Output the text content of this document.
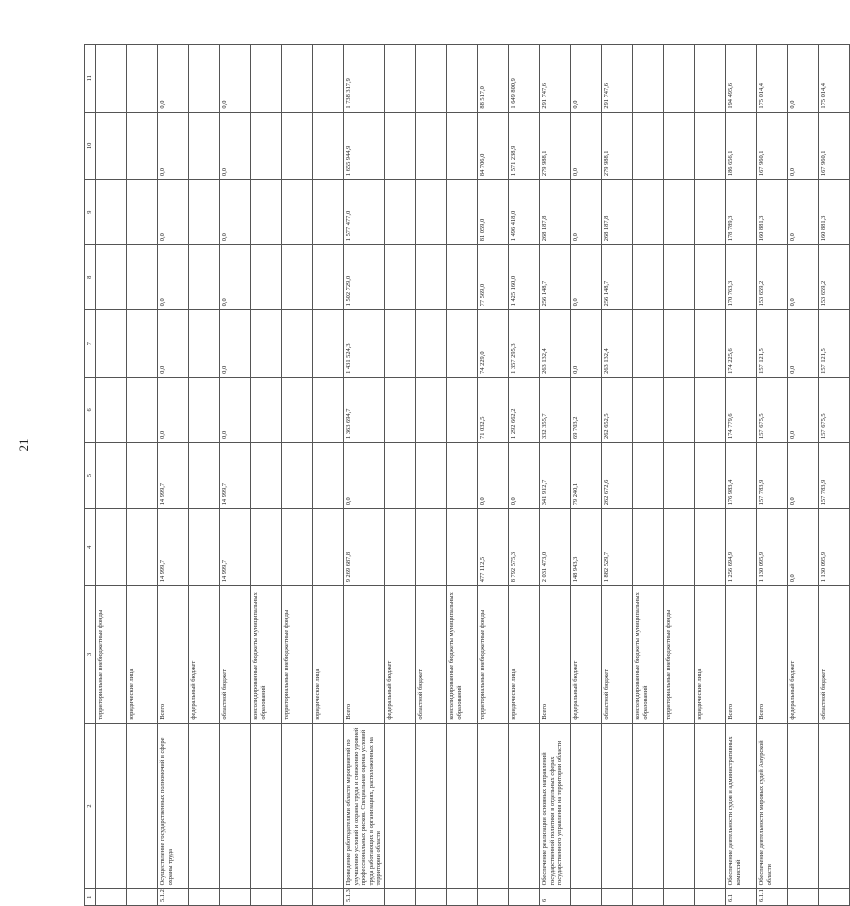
21
1	2	3	4	5	6	7	8	9	10	11
		территориальные внебюджетные фонды								
		юридические лица								
5.1.2	Осуществление государственных полномочий в сфере охраны труда	Всего	14 999,7	14 999,7	0,0	0,0	0,0	0,0	0,0	0,0
		федеральный бюджет								
		областной бюджет	14 999,7	14 999,7	0,0	0,0	0,0	0,0	0,0	0,0
		консолидированные бюджеты муниципальных образований								
		территориальные внебюджетные фонды								
		юридические лица								
5.1.3	Проведение работодателями области мероприятий по улучшению условий и охраны труда и снижению уровней профессиональных рисков. Специальная оценка условий труда работающих в организациях, расположенных на территории области	Всего	9 269 687,8	0,0	1 363 694,7	1 431 524,3	1 502 729,0	1 577 477,0	1 655 944,9	1 738 317,9
		федеральный бюджет								
		областной бюджет								
		консолидированные бюджеты муниципальных образований								
		территориальные внебюджетные фонды	477 112,5	0,0	71 032,5	74 229,0	77 569,0	81 059,0	84 706,0	88 517,0
		юридические лица	8 792 575,3	0,0	1 292 662,2	1 357 295,3	1 425 160,0	1 496 418,0	1 571 238,9	1 649 800,9
6	Обеспечение реализации основных направлений государственной политики в отдельных сферах государственного управления на территории области	Всего	2 031 473,0	341 912,7	332 355,7	263 132,4	256 148,7	268 187,8	279 988,1	291 747,6
		федеральный бюджет	148 943,3	79 240,1	69 703,2	0,0	0,0	0,0	0,0	0,0
		областной бюджет	1 882 529,7	262 672,6	262 652,5	263 132,4	256 148,7	268 187,8	279 988,1	291 747,6
		консолидированные бюджеты муниципальных образований								
		территориальные внебюджетные фонды								
		юридические лица								
6.1	Обеспечение деятельности судов и административных комиссий	Всего	1 256 694,9	176 983,4	174 779,6	174 225,6	170 763,3	178 789,3	186 656,1	194 495,6
6.1.1	Обеспечение деятельности мировых судей Амурской области	Всего	1 130 095,9	157 783,9	157 675,5	157 121,5	153 659,2	160 881,3	167 960,1	175 014,4
		федеральный бюджет	0,0	0,0	0,0	0,0	0,0	0,0	0,0	0,0
		областной бюджет	1 130 095,9	157 783,9	157 675,5	157 121,5	153 659,2	160 881,3	167 960,1	175 014,4
